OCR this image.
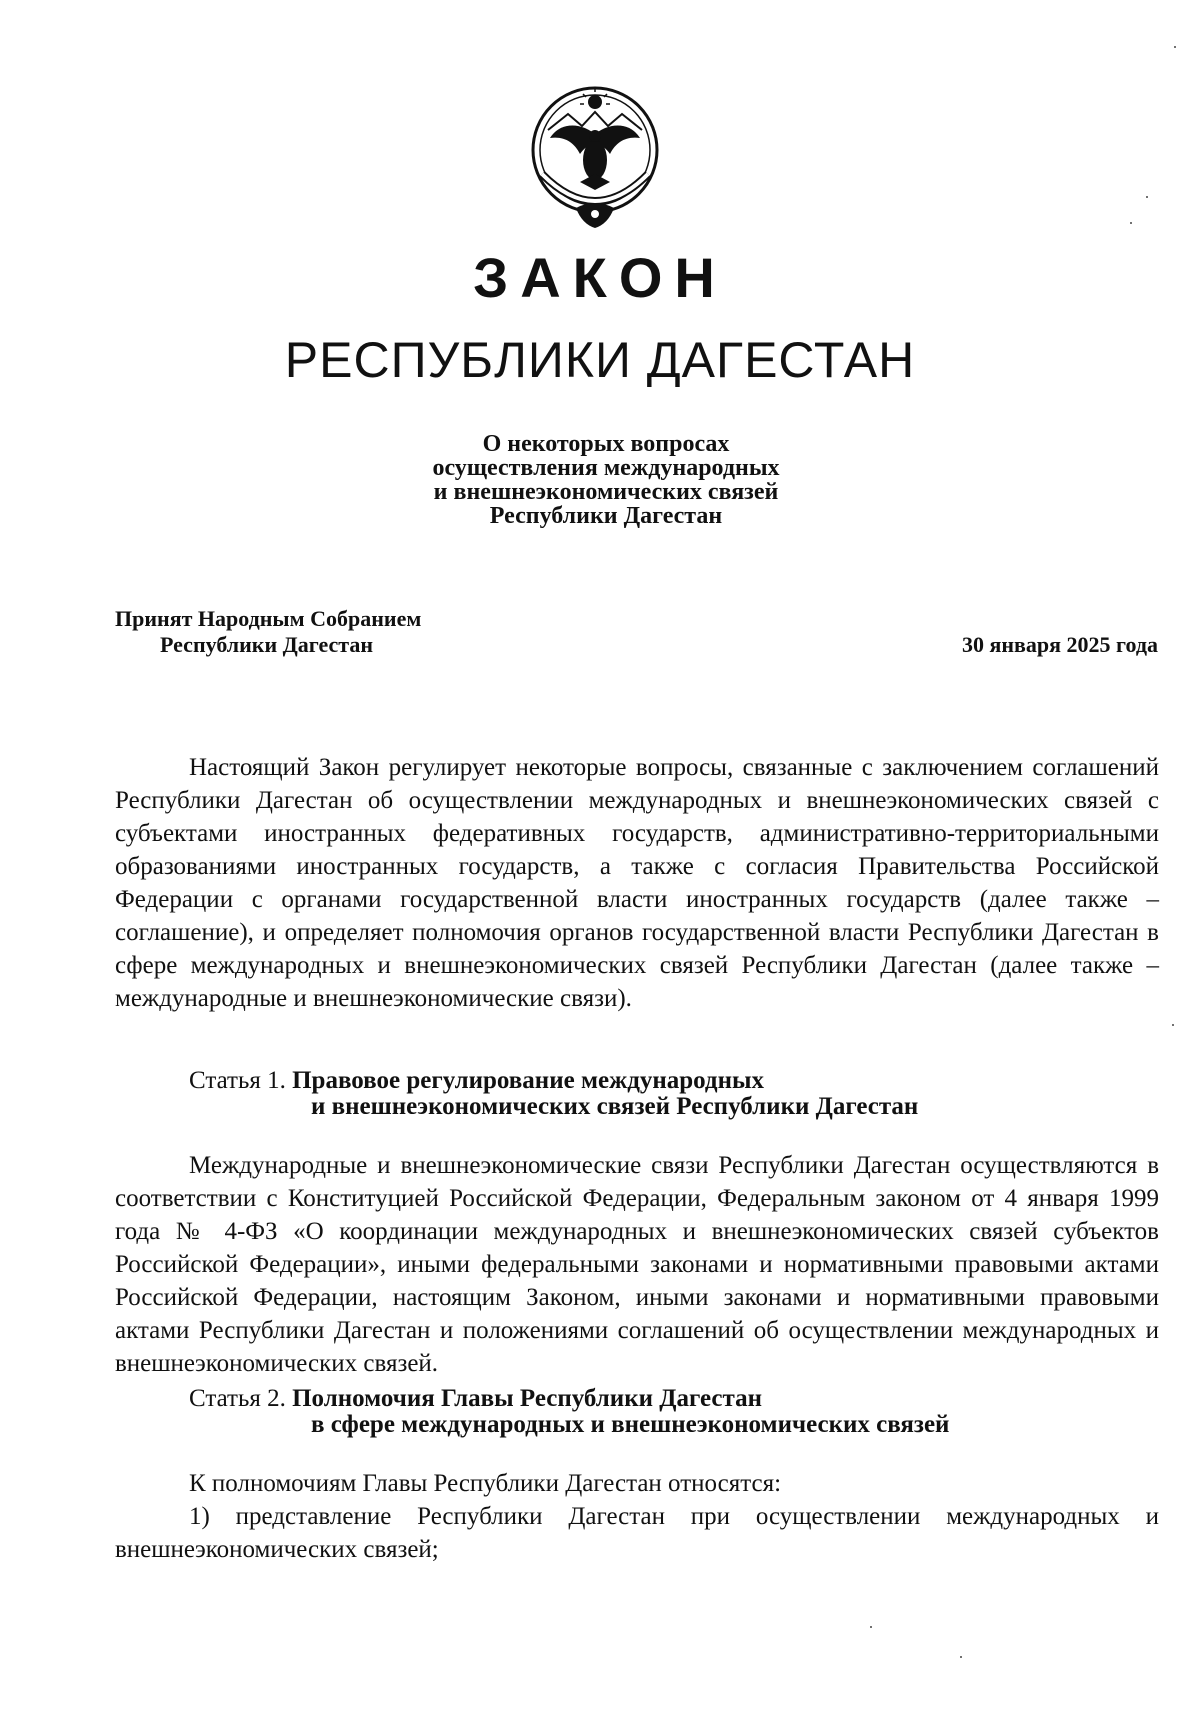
ЗАКОН
РЕСПУБЛИКИ ДАГЕСТАН
О некоторых вопросах
осуществления международных
и внешнеэкономических связей
Республики Дагестан
Принят Народным Собранием
Республики Дагестан	30 января 2025 года
Настоящий Закон регулирует некоторые вопросы, связанные с заключением соглашений Республики Дагестан об осуществлении международных и внешнеэкономических связей с субъектами иностранных федеративных государств, административно-территориальными образованиями иностранных государств, а также с согласия Правительства Российской Федерации с органами государственной власти иностранных государств (далее также – соглашение), и определяет полномочия органов государственной власти Республики Дагестан в сфере международных и внешнеэкономических связей Республики Дагестан (далее также – международные и внешнеэкономические связи).
Статья 1. Правовое регулирование международных
и внешнеэкономических связей Республики Дагестан
Международные и внешнеэкономические связи Республики Дагестан осуществляются в соответствии с Конституцией Российской Федерации, Федеральным законом от 4 января 1999 года № 4-ФЗ «О координации международных и внешнеэкономических связей субъектов Российской Федерации», иными федеральными законами и нормативными правовыми актами Российской Федерации, настоящим Законом, иными законами и нормативными правовыми актами Республики Дагестан и положениями соглашений об осуществлении международных и внешнеэкономических связей.
Статья 2. Полномочия Главы Республики Дагестан
в сфере международных и внешнеэкономических связей
К полномочиям Главы Республики Дагестан относятся:
1) представление Республики Дагестан при осуществлении международных и внешнеэкономических связей;
